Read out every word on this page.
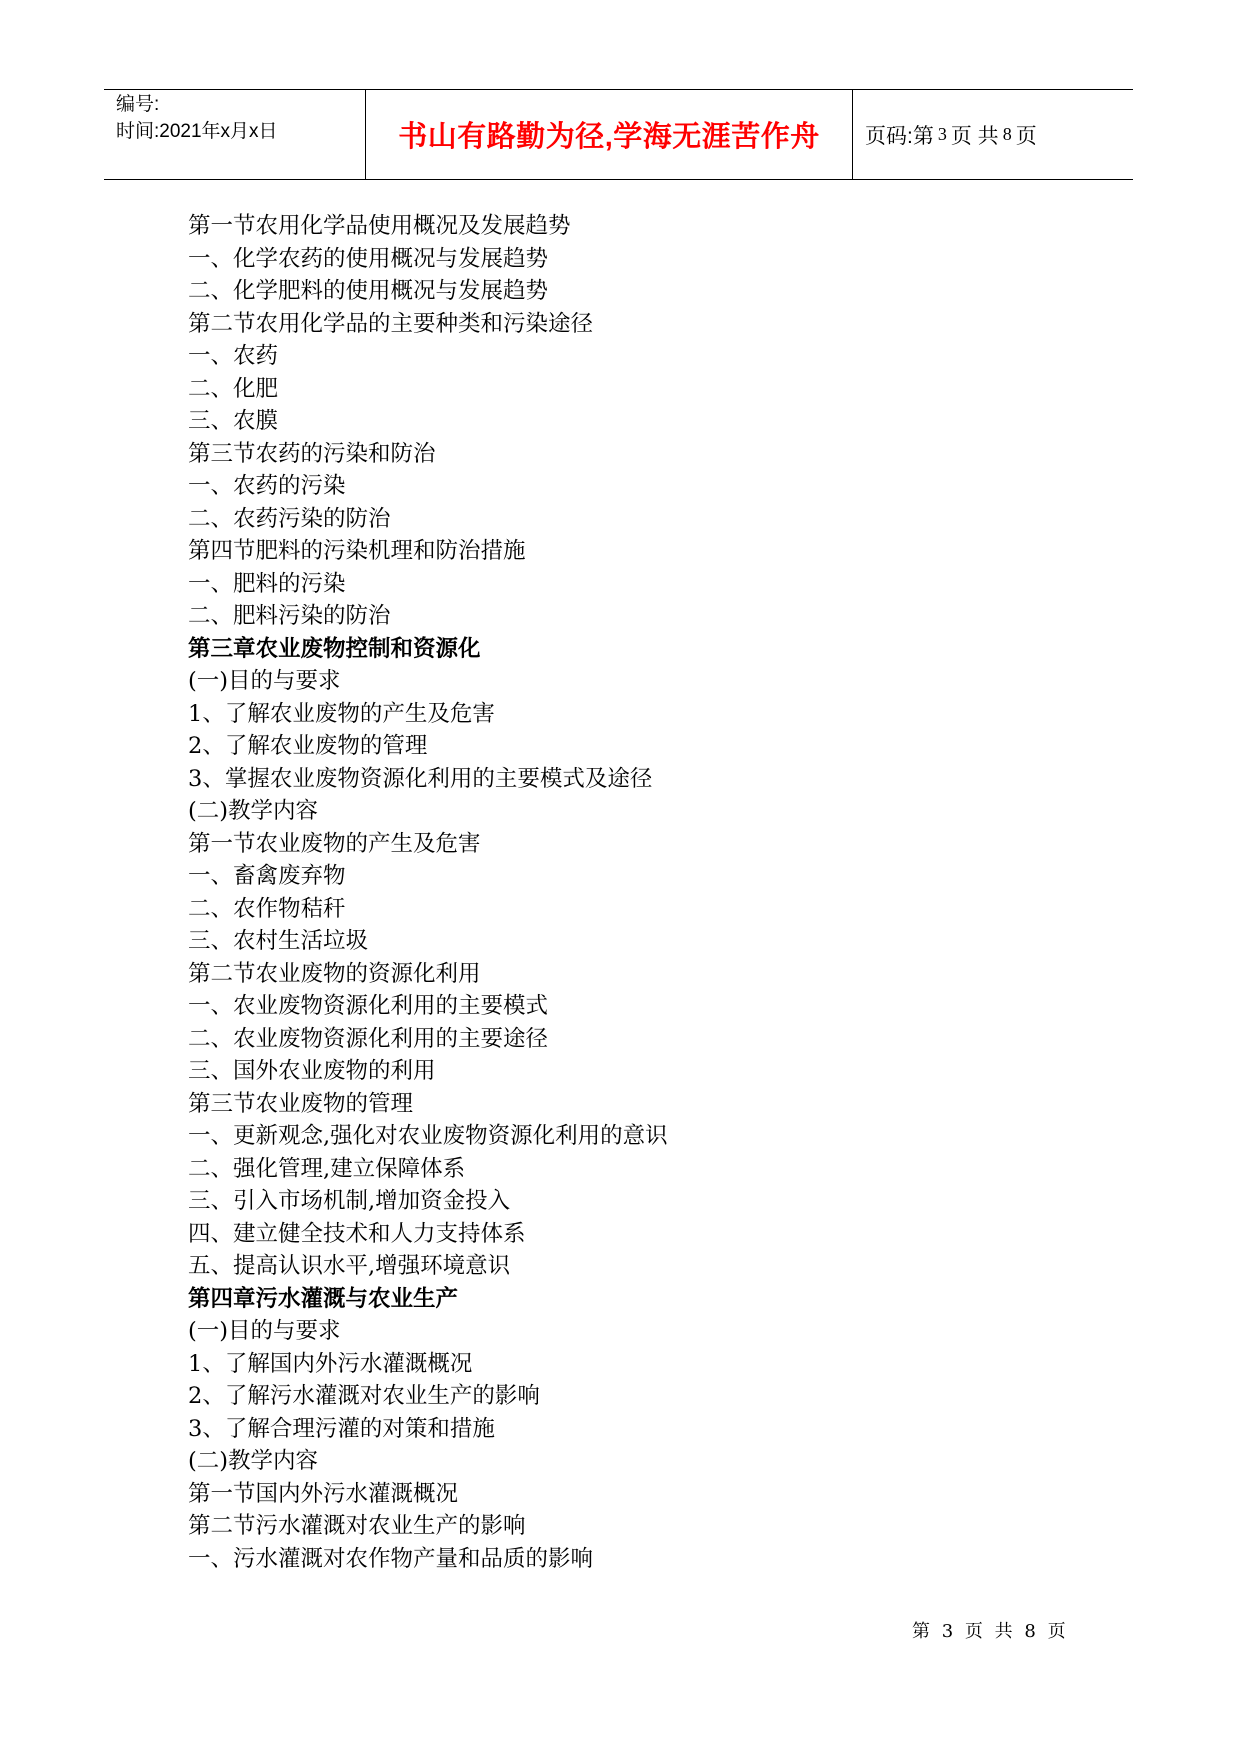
编号:
时间:2021年x月x日	书山有路勤为径,学海无涯苦作舟 页码:第 3 页 共 8 页
第一节农用化学品使用概况及发展趋势
一、化学农药的使用概况与发展趋势
二、化学肥料的使用概况与发展趋势
第二节农用化学品的主要种类和污染途径
一、农药
二、化肥
三、农膜
第三节农药的污染和防治
一、农药的污染
二、农药污染的防治
第四节肥料的污染机理和防治措施
一、肥料的污染
二、肥料污染的防治
第三章农业废物控制和资源化
(一)目的与要求
1、了解农业废物的产生及危害
2、了解农业废物的管理
3、掌握农业废物资源化利用的主要模式及途径
(二)教学内容
第一节农业废物的产生及危害
一、畜禽废弃物
二、农作物秸秆
三、农村生活垃圾
第二节农业废物的资源化利用
一、农业废物资源化利用的主要模式
二、农业废物资源化利用的主要途径
三、国外农业废物的利用
第三节农业废物的管理
一、更新观念,强化对农业废物资源化利用的意识
二、强化管理,建立保障体系
三、引入市场机制,增加资金投入
四、建立健全技术和人力支持体系
五、提高认识水平,增强环境意识
第四章污水灌溉与农业生产
(一)目的与要求
1、了解国内外污水灌溉概况
2、了解污水灌溉对农业生产的影响
3、了解合理污灌的对策和措施
(二)教学内容
第一节国内外污水灌溉概况
第二节污水灌溉对农业生产的影响
一、污水灌溉对农作物产量和品质的影响
第 3 页 共 8 页
